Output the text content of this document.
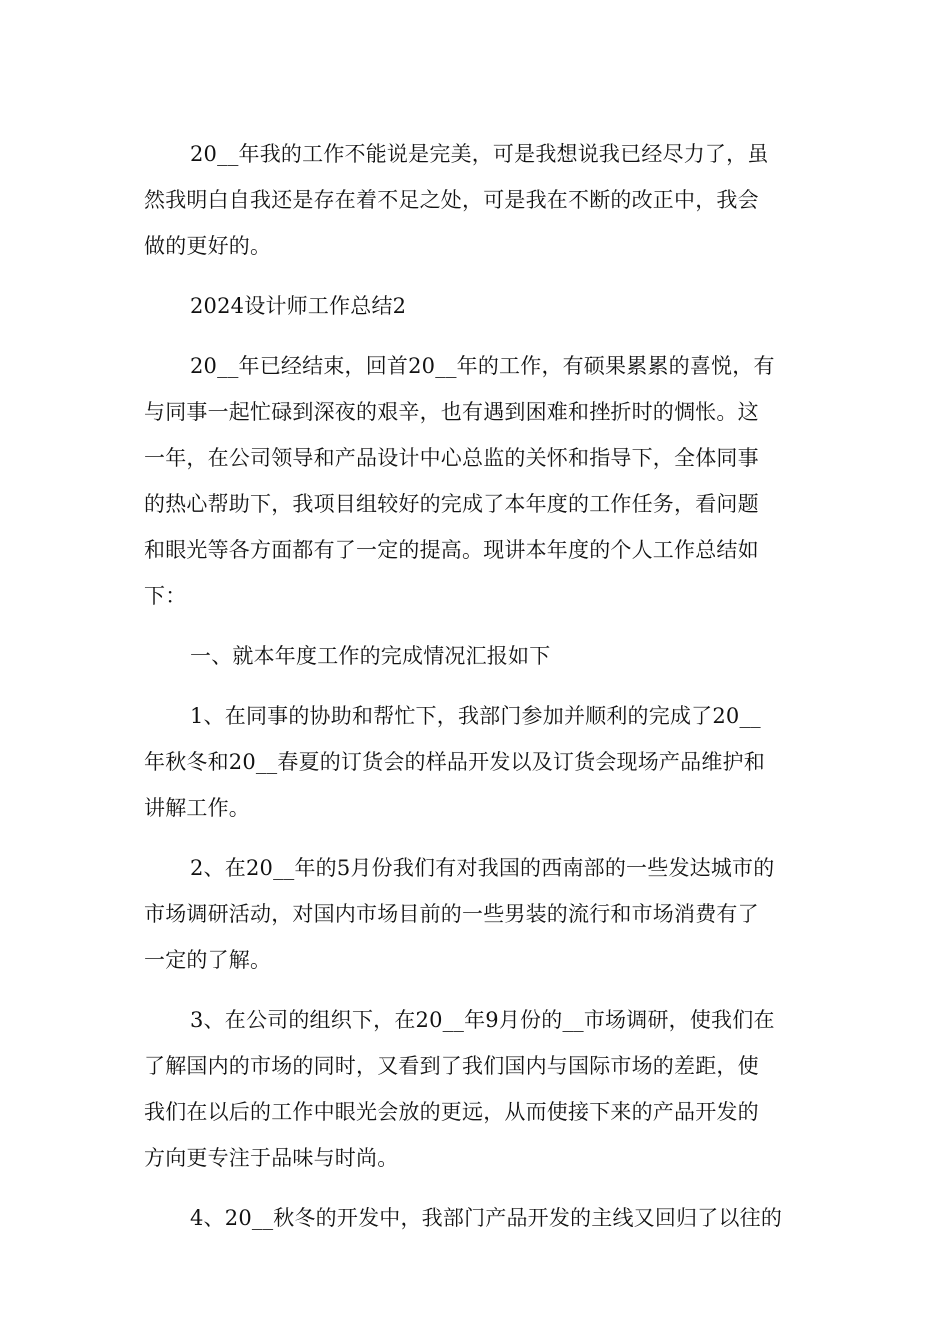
20__年我的工作不能说是完美，可是我想说我已经尽力了，虽
然我明白自我还是存在着不足之处，可是我在不断的改正中，我会
做的更好的。
2024设计师工作总结2
20__年已经结束，回首20__年的工作，有硕果累累的喜悦，有
与同事一起忙碌到深夜的艰辛，也有遇到困难和挫折时的惆怅。这
一年，在公司领导和产品设计中心总监的关怀和指导下，全体同事
的热心帮助下，我项目组较好的完成了本年度的工作任务，看问题
和眼光等各方面都有了一定的提高。现讲本年度的个人工作总结如
下：
一、就本年度工作的完成情况汇报如下
1、在同事的协助和帮忙下，我部门参加并顺利的完成了20__
年秋冬和20__春夏的订货会的样品开发以及订货会现场产品维护和
讲解工作。
2、在20__年的5月份我们有对我国的西南部的一些发达城市的
市场调研活动，对国内市场目前的一些男装的流行和市场消费有了
一定的了解。
3、在公司的组织下，在20__年9月份的__市场调研，使我们在
了解国内的市场的同时，又看到了我们国内与国际市场的差距，使
我们在以后的工作中眼光会放的更远，从而使接下来的产品开发的
方向更专注于品味与时尚。
4、20__秋冬的开发中，我部门产品开发的主线又回归了以往的
